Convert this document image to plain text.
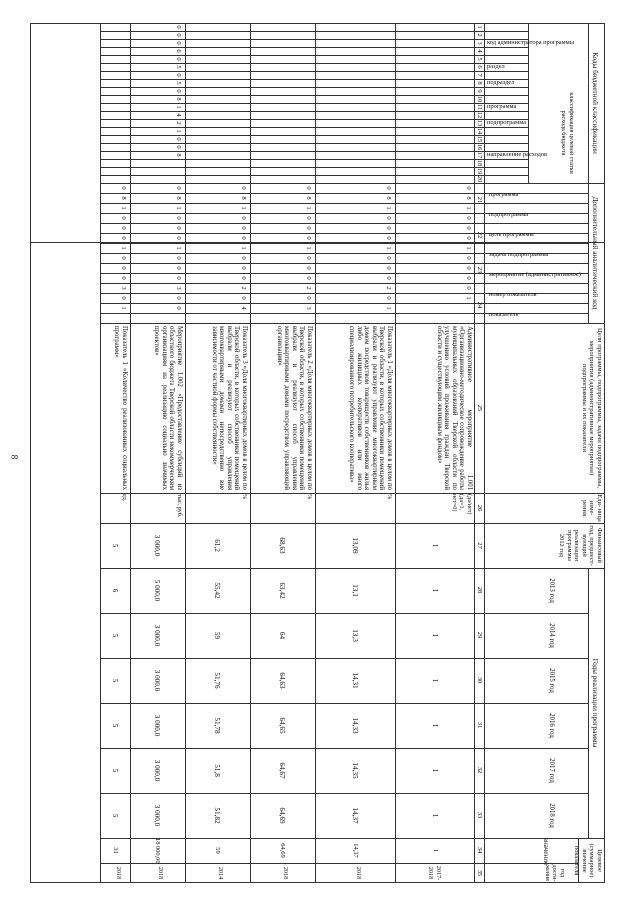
8
Коды бюджетной классификации
Дополнительный аналитический код
Цели программы, подпрограммы, задачи подпрограммы, мероприятия (административные мероприятия) подпрограммы и их показатели
Еди- ница изме- рения
Финансовый год, предшест- вующий реализации программы 2012 год
Годы реализации программы
Целевое (суммарное) значение показателя
код администратора программы
раздел
подраздел
программа
подпрограмма
направление расходов	классификация целевой статьи расхода бюджета
программа
подпрограмма
цель программы
задача подпрограммы
мероприятие (административное)
номер показателя
показатель
2013 год
2014 год
2015 год
2016 год
2017 год
2018 год
значение
год дости- жения
1
2
3
4
5
6
7
8
9
10
11
12
13
14
15
16
17
18
19
20
21
22
23
24
25
26
27
28
29
30
31
32
33
34
35
0
8
1
0
0
0
1
0
0
0
0
1
Административное мероприятие 1.001 «Организационно-методическое сопровождение работы муниципальных образований Тверской области по улучшению условий проживания граждан Тверской области и существующим жилищным фондом»
(да/нет) (да=1, нет=0)
1
1
1
1
1
1
1
1
2017-2018
0
8
1
0
0
0
1
0
0
0
2
0
1
Показатель 1 «Доля многоквартирных домов в целом по Тверской области, в которых собственники помещений выбрали и реализуют управление многоквартирным домом посредством товариществ собственников жилья либо жилищных кооперативов или иного специализированного потребительского кооператива»
%
13,09
13,1
13,3
14,31
14,33
14,35
14,37
14,37
2018
0
8
1
0
0
0
1
0
0
0
2
0
3
Показатель 2 «Доля многоквартирных домов в целом по Тверской области, в которых собственники помещений выбрали и реализуют способ управления многоквартирными домами посредством управляющей организации»
%
68,63
63,42
64
64,63
64,65
64,67
64,69
64,69
2018
0
8
1
0
0
0
1
0
0
0
2
0
4
Показатель 3 «Доля многоквартирных домов в целом по Тверской области, в которых собственники помещений выбрали и реализуют способ управления многоквартирными домами непосредственно вне зависимости от частной формы собственности»
%
61,2
55,42
59
51,76
51,78
51,8
51,82
59
2014
0
0
0
6
0
5
0
5
0
8
1
4
2
1
0
0
8
0
8
1
0
0
0
1
0
0
0
3
0
0
Мероприятие 1.002 «Предоставление субсидий из областного бюджета Тверской области некоммерческим организациям на реализацию социально значимых проектов»
тыс. руб.
3 000,0
5 000,0
3 000,0
3 000,0
3 000,0
3 000,0
3 000,0
18 000,00
2018
0
8
1
0
0
0
1
0
0
0
3
0
1
Показатель 1 «Количество реализованных социальных программ»
ед.
5
6
5
5
5
5
5
31
2018
